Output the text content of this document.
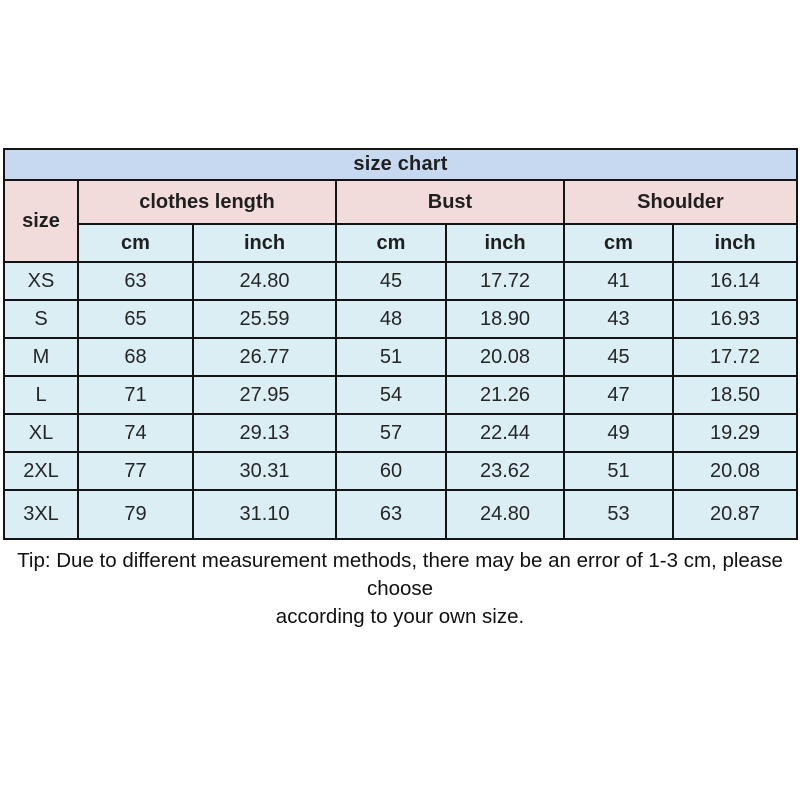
size chart						
size	clothes length		Bust		Shoulder	
	cm	inch	cm	inch	cm	inch
XS	63	24.80	45	17.72	41	16.14
S	65	25.59	48	18.90	43	16.93
M	68	26.77	51	20.08	45	17.72
L	71	27.95	54	21.26	47	18.50
XL	74	29.13	57	22.44	49	19.29
2XL	77	30.31	60	23.62	51	20.08
3XL	79	31.10	63	24.80	53	20.87
Tip: Due to different measurement methods, there may be an error of 1-3 cm, please choose
according to your own size.
